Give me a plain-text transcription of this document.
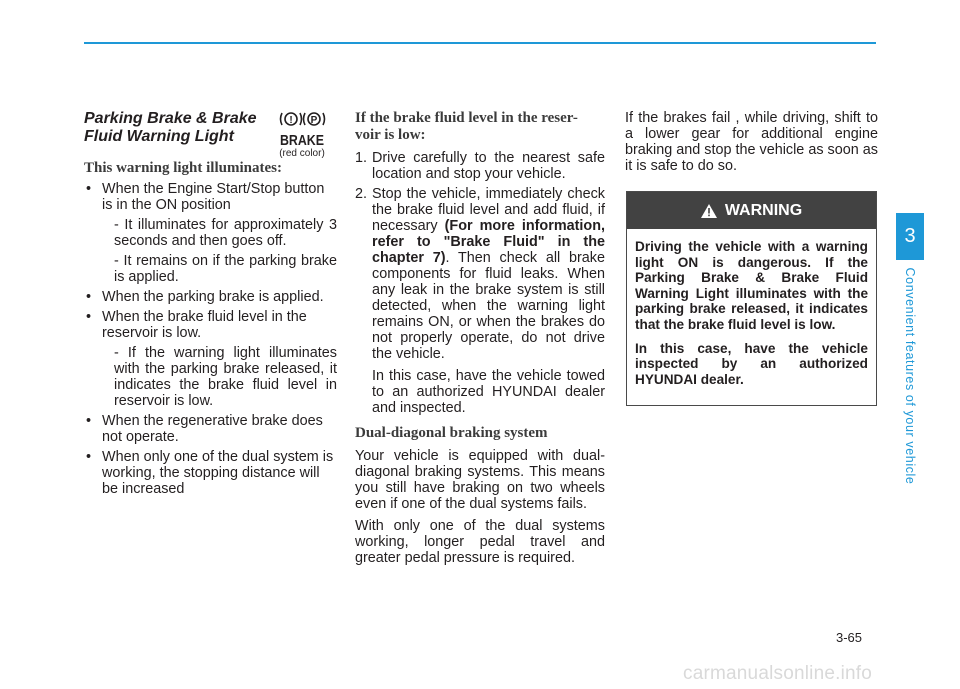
Parking Brake & Brake
Fluid Warning Light
This warning light illuminates:
• When the Engine Start/Stop button is in the ON position
- It illuminates for approximately 3 seconds and then goes off.
- It remains on if the parking brake is applied.
• When the parking brake is applied.
• When the brake fluid level in the reservoir is low.
- If the warning light illuminates with the parking brake released, it indicates the brake fluid level in reservoir is low.
• When the regenerative brake does not operate.
• When only one of the dual system is working, the stopping distance will be increased
! P
BRAKE
(red color)
If the brake fluid level in the reser-
voir is low:
1. Drive carefully to the nearest safe location and stop your vehicle.
2. Stop the vehicle, immediately check the brake fluid level and add fluid, if necessary (For more information, refer to "Brake Fluid" in the chapter 7). Then check all brake components for fluid leaks. When any leak in the brake system is still detected, when the warning light remains ON, or when the brakes do not properly operate, do not drive the vehicle.

In this case, have the vehicle towed to an authorized HYUNDAI dealer and inspected.

Dual-diagonal braking system

Your vehicle is equipped with dual-diagonal braking systems. This means you still have braking on two wheels even if one of the dual systems fails.

With only one of the dual systems working, longer pedal travel and greater pedal pressure is required.

If the brakes fail , while driving, shift to a lower gear for additional engine braking and stop the vehicle as soon as it is safe to do so.

WARNING

Driving the vehicle with a warning light ON is dangerous. If the Parking Brake & Brake Fluid Warning Light illuminates with the parking brake released, it indicates that the brake fluid level is low.

In this case, have the vehicle inspected by an authorized HYUNDAI dealer.

3
Convenient features of your vehicle
3-65
carmanualsonline.info
